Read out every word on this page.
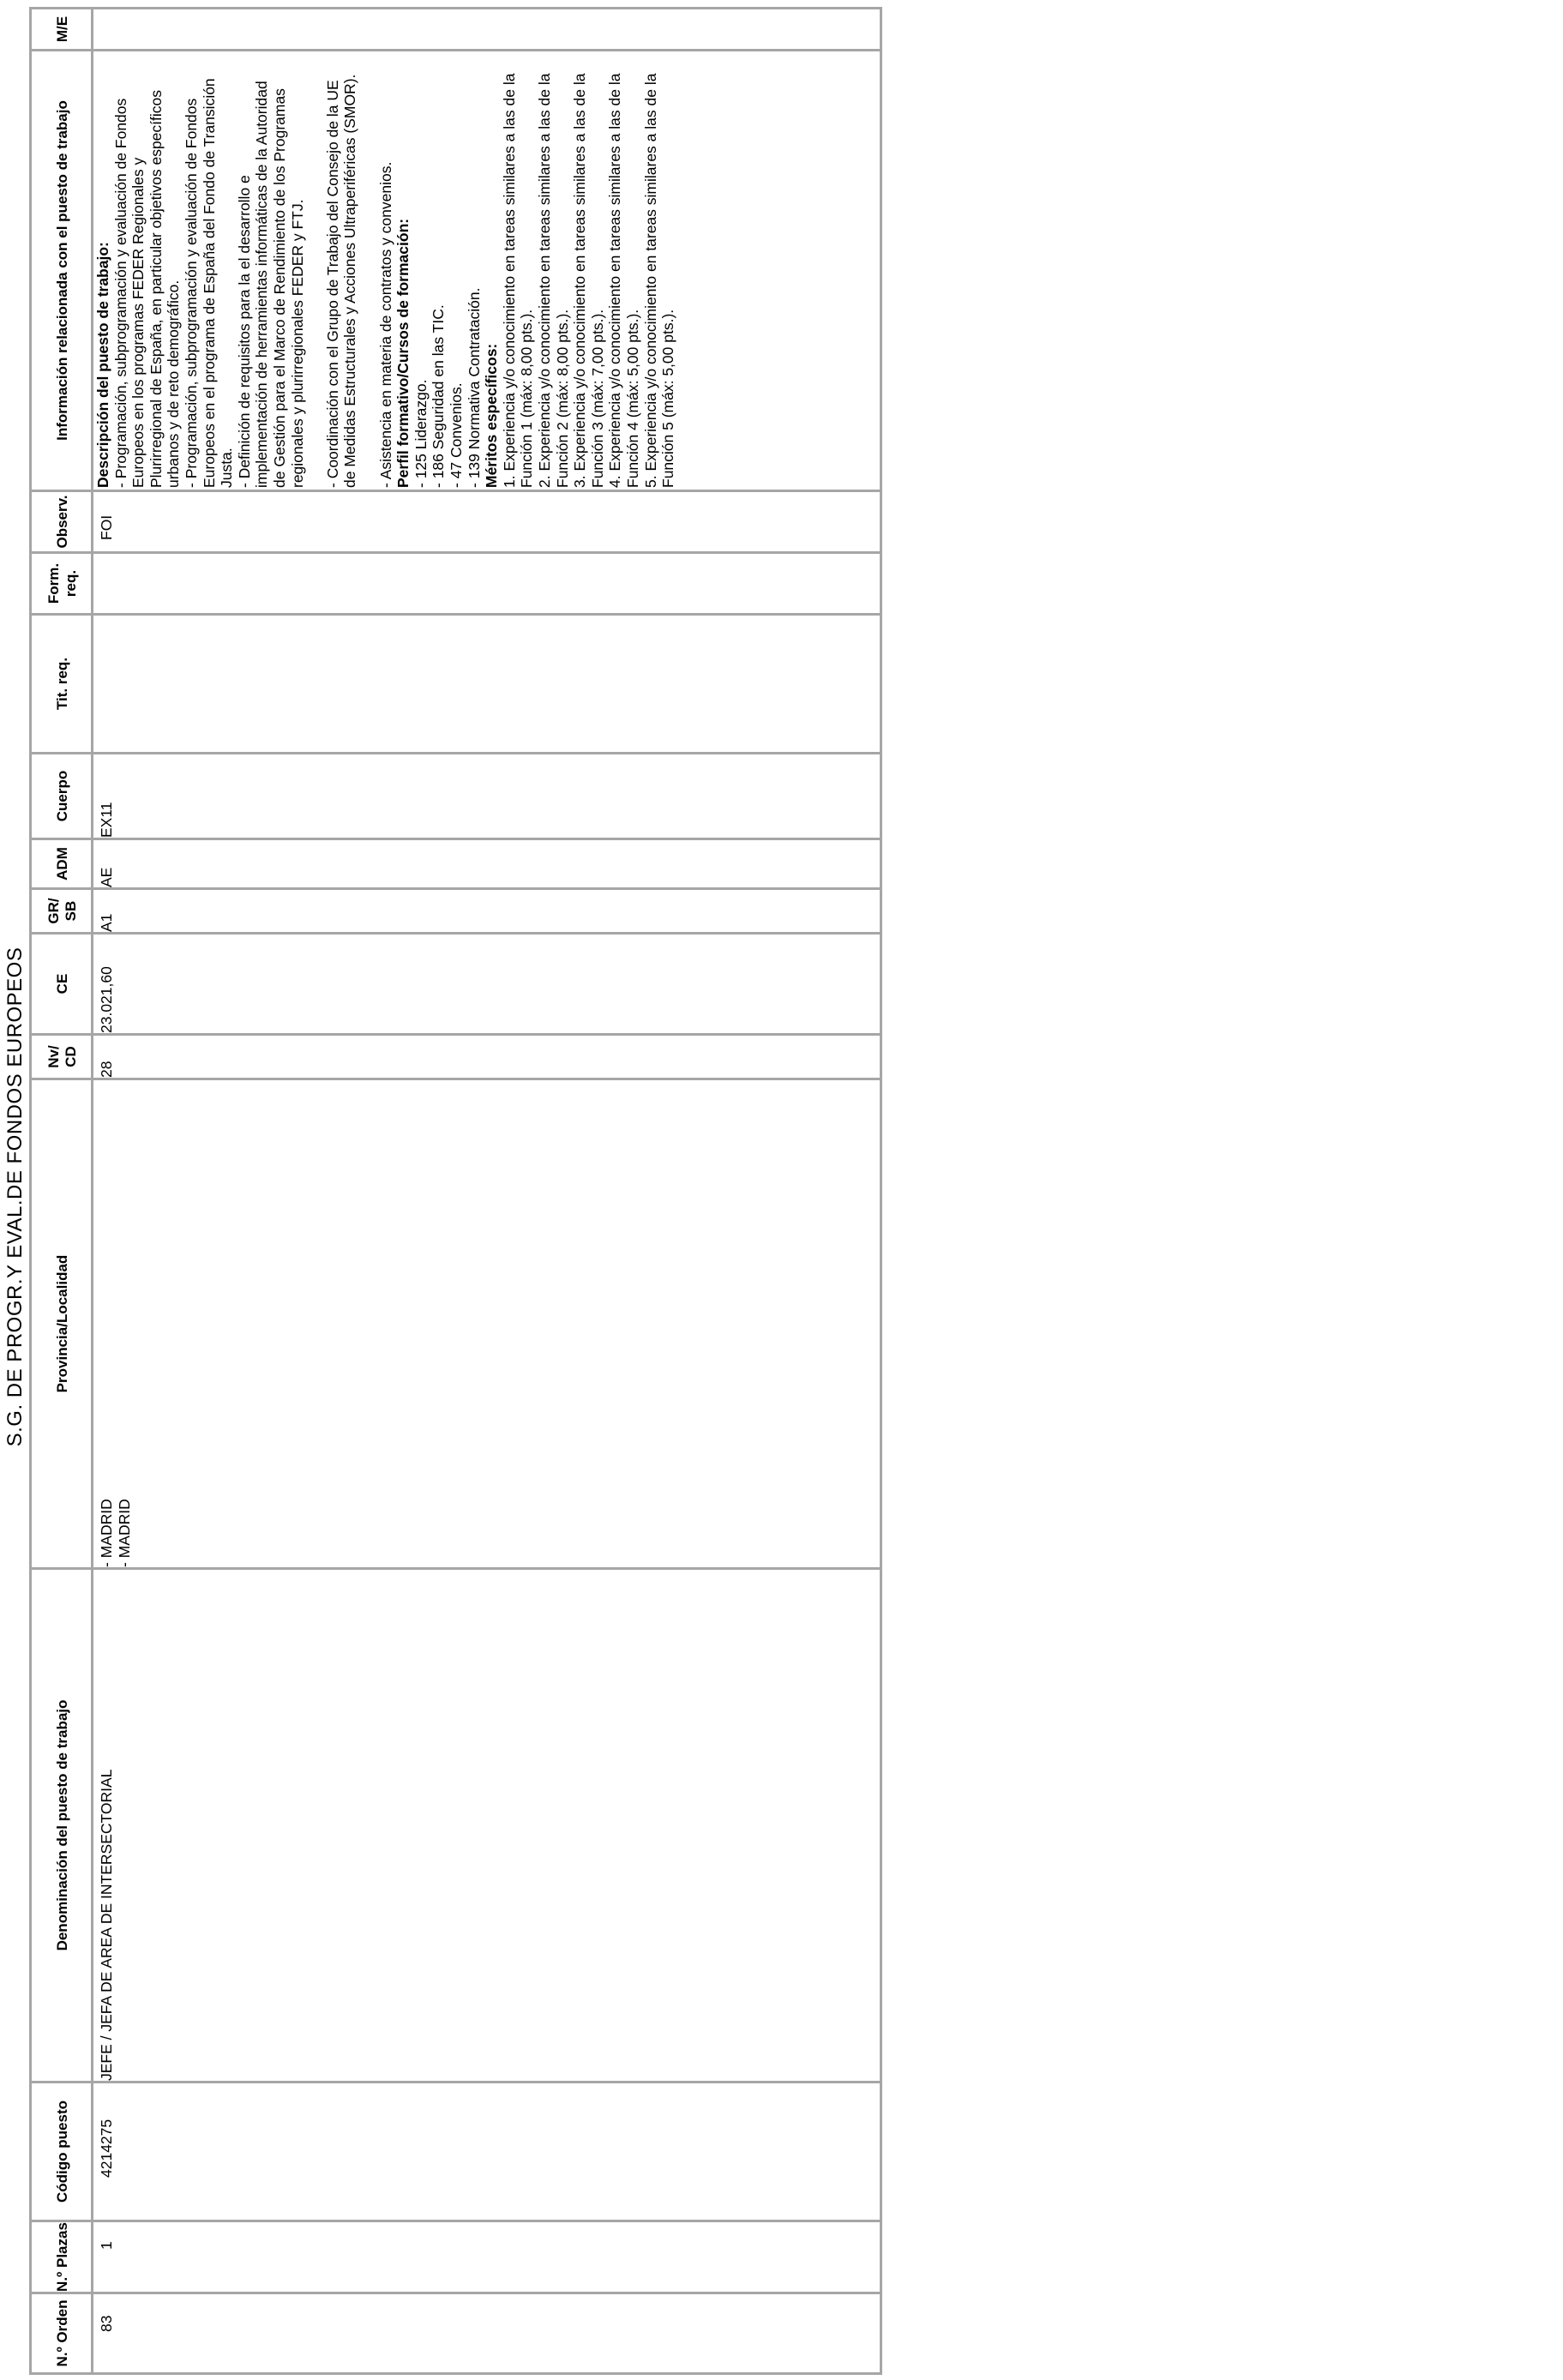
S.G. DE PROGR.Y EVAL.DE FONDOS EUROPEOS
N.º Orden
N.º Plazas
Código puesto
Denominación del puesto de trabajo
Provincia/Localidad
Nv/ CD
CE
GR/ SB
ADM
Cuerpo
Tit. req.
Form. req.
Observ.
Información relacionada con el puesto de trabajo
M/E
83
1
4214275
JEFE / JEFA DE AREA DE INTERSECTORIAL
- MADRID - MADRID
28
23.021,60
A1
AE
EX11
FOI
Descripción del puesto de trabajo: - Programación, subprogramación y evaluación de Fondos Europeos en los programas FEDER Regionales y Plurirregional de España, en particular objetivos específicos urbanos y de reto demográfico. - Programación, subprogramación y evaluación de Fondos Europeos en el programa de España del Fondo de Transición Justa. - Definición de requisitos para la el desarrollo e implementación de herramientas informáticas de la Autoridad de Gestión para el Marco de Rendimiento de los Programas regionales y plurirregionales FEDER y FTJ. - Coordinación con el Grupo de Trabajo del Consejo de la UE de Medidas Estructurales y Acciones Ultraperiféricas (SMOR). - Asistencia en materia de contratos y convenios. Perfil formativo/Cursos de formación: - 125 Liderazgo. - 186 Seguridad en las TIC. - 47 Convenios. - 139 Normativa Contratación. Méritos específicos: 1. Experiencia y/o conocimiento en tareas similares a las de la Función 1 (máx: 8,00 pts.). 2. Experiencia y/o conocimiento en tareas similares a las de la Función 2 (máx: 8,00 pts.). 3. Experiencia y/o conocimiento en tareas similares a las de la Función 3 (máx: 7,00 pts.). 4. Experiencia y/o conocimiento en tareas similares a las de la Función 4 (máx: 5,00 pts.). 5. Experiencia y/o conocimiento en tareas similares a las de la Función 5 (máx: 5,00 pts.).
